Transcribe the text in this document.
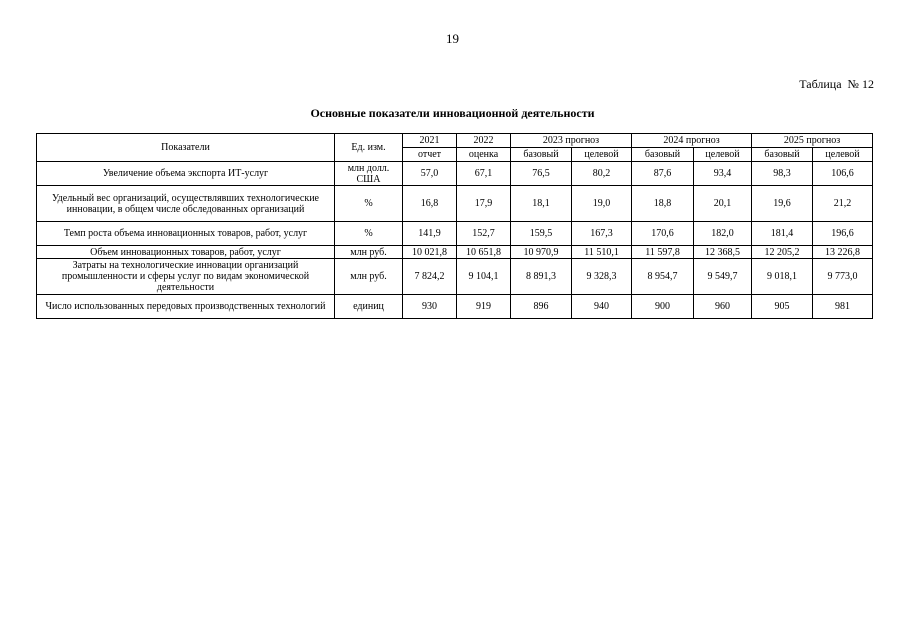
19
Таблица  № 12
Основные показатели инновационной деятельности
Показатели	Ед. изм.	2021	2022	2023 прогноз		2024 прогноз		2025 прогноз	
		отчет	оценка	базовый	целевой	базовый	целевой	базовый	целевой
Увеличение объема экспорта ИТ-услуг	млн долл. США	57,0	67,1	76,5	80,2	87,6	93,4	98,3	106,6
Удельный вес организаций, осуществлявших технологические инновации, в общем числе обследованных организаций	%	16,8	17,9	18,1	19,0	18,8	20,1	19,6	21,2
Темп роста объема инновационных товаров, работ, услуг	%	141,9	152,7	159,5	167,3	170,6	182,0	181,4	196,6
Объем инновационных товаров, работ, услуг	млн руб.	10 021,8	10 651,8	10 970,9	11 510,1	11 597,8	12 368,5	12 205,2	13 226,8
Затраты на технологические инновации организаций промышленности и сферы услуг по видам экономической деятельности	млн руб.	7 824,2	9 104,1	8 891,3	9 328,3	8 954,7	9 549,7	9 018,1	9 773,0
Число использованных передовых производственных технологий	единиц	930	919	896	940	900	960	905	981
